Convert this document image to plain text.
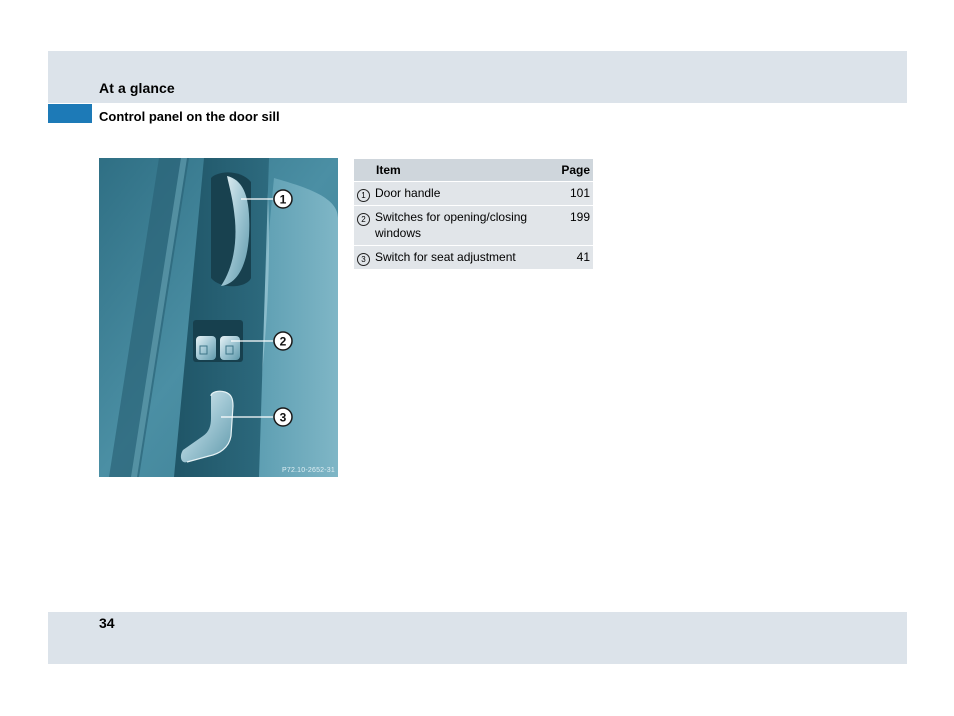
At a glance
Control panel on the door sill
1
2
3
P72.10-2652-31
	Item	Page
1	Door handle	101
2	Switches for opening/closing windows	199
3	Switch for seat adjustment	41
34
